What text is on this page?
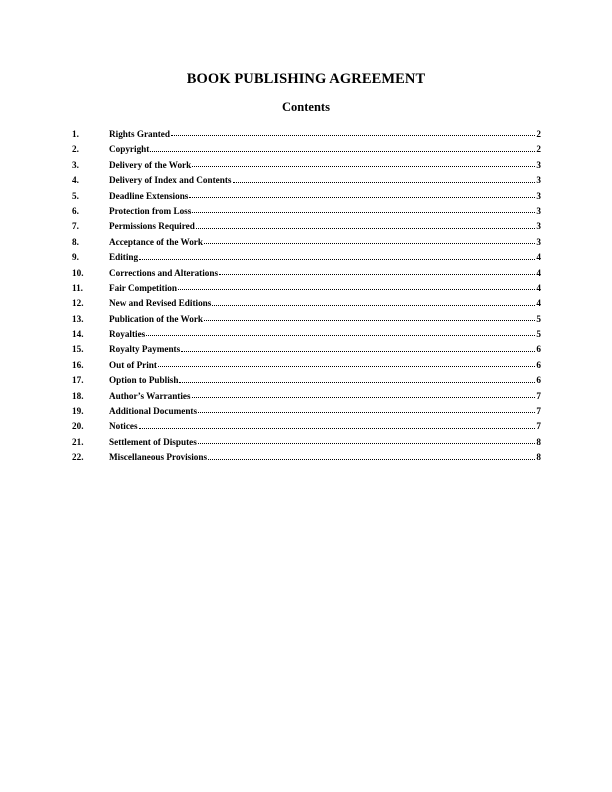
BOOK PUBLISHING AGREEMENT
Contents
1.	Rights Granted	2
2.	Copyright	2
3.	Delivery of the Work	3
4.	Delivery of Index and Contents	3
5.	Deadline Extensions	3
6.	Protection from Loss	3
7.	Permissions Required	3
8.	Acceptance of the Work	3
9.	Editing	4
10.	Corrections and Alterations	4
11.	Fair Competition	4
12.	New and Revised Editions	4
13.	Publication of the Work	5
14.	Royalties	5
15.	Royalty Payments	6
16.	Out of Print	6
17.	Option to Publish	6
18.	Author’s Warranties	7
19.	Additional Documents	7
20.	Notices	7
21.	Settlement of Disputes	8
22.	Miscellaneous Provisions	8
